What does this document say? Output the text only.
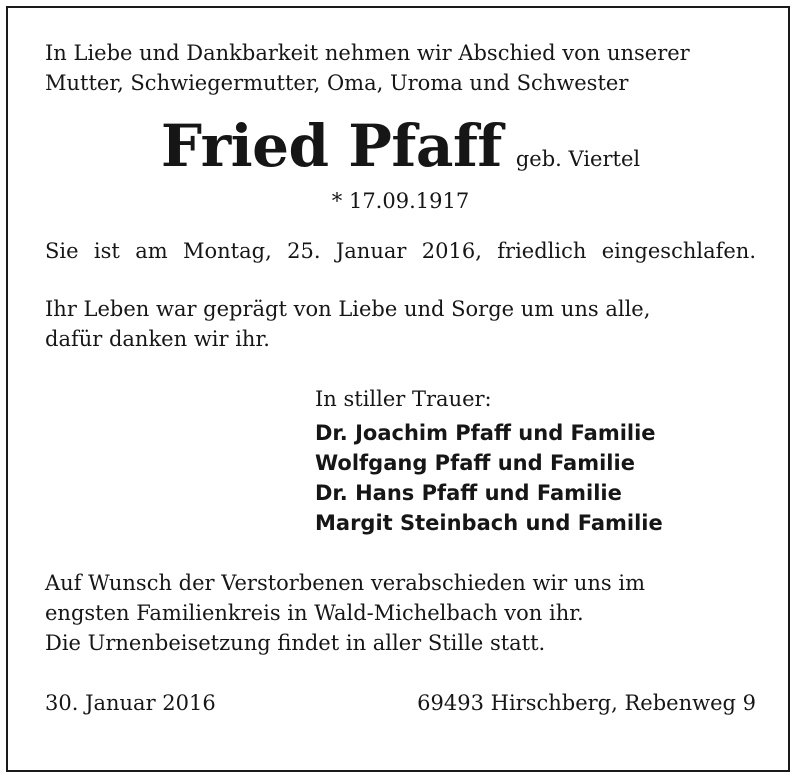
In Liebe und Dankbarkeit nehmen wir Abschied von unserer
Mutter, Schwiegermutter, Oma, Uroma und Schwester
Fried Pfaff geb. Viertel
* 17.09.1917
Sie ist am Montag, 25. Januar 2016, friedlich eingeschlafen.
Ihr Leben war geprägt von Liebe und Sorge um uns alle,
dafür danken wir ihr.
In stiller Trauer:
Dr. Joachim Pfaff und Familie
Wolfgang Pfaff und Familie
Dr. Hans Pfaff und Familie
Margit Steinbach und Familie
Auf Wunsch der Verstorbenen verabschieden wir uns im
engsten Familienkreis in Wald-Michelbach von ihr.
Die Urnenbeisetzung findet in aller Stille statt.
30. Januar 2016	69493 Hirschberg, Rebenweg 9
